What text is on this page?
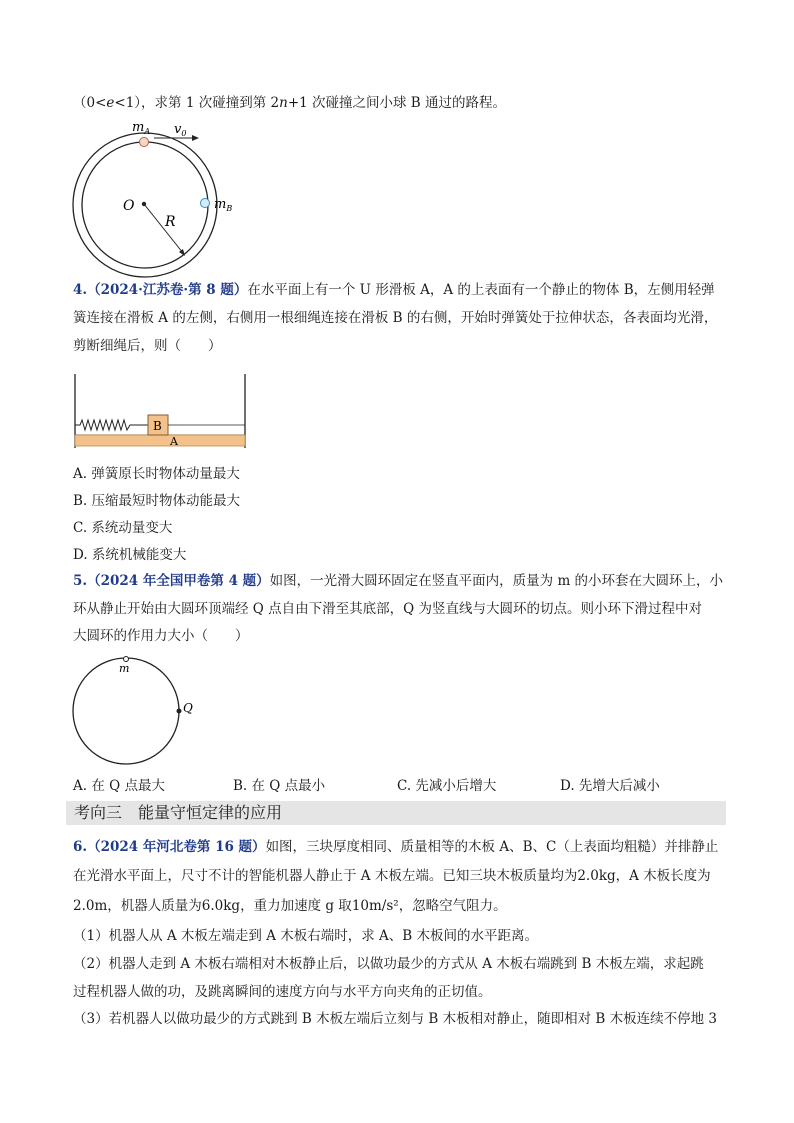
（0<e<1），求第 1 次碰撞到第 2n+1 次碰撞之间小球 B 通过的路程。
$m_A$ $v_0$
O
R
$m_B$
4.（2024·江苏卷·第 8 题）在水平面上有一个 U 形滑板 A，A 的上表面有一个静止的物体 B，左侧用轻弹
簧连接在滑板 A 的左侧，右侧用一根细绳连接在滑板 B 的右侧，开始时弹簧处于拉伸状态，各表面均光滑，
剪断细绳后，则（　　）
B
A
A. 弹簧原长时物体动量最大
B. 压缩最短时物体动能最大
C. 系统动量变大
D. 系统机械能变大
5.（2024 年全国甲卷第 4 题）如图，一光滑大圆环固定在竖直平面内，质量为 m 的小环套在大圆环上，小
环从静止开始由大圆环顶端经 Q 点自由下滑至其底部，Q 为竖直线与大圆环的切点。则小环下滑过程中对
大圆环的作用力大小（　　）
m
Q
A. 在 Q 点最大	B. 在 Q 点最小	C. 先减小后增大	D. 先增大后减小
考向三　能量守恒定律的应用
6.（2024 年河北卷第 16 题）如图，三块厚度相同、质量相等的木板 A、B、C（上表面均粗糙）并排静止
在光滑水平面上，尺寸不计的智能机器人静止于 A 木板左端。已知三块木板质量均为2.0kg，A 木板长度为
2.0m，机器人质量为6.0kg，重力加速度 g 取10m/s²，忽略空气阻力。
（1）机器人从 A 木板左端走到 A 木板右端时，求 A、B 木板间的水平距离。
（2）机器人走到 A 木板右端相对木板静止后，以做功最少的方式从 A 木板右端跳到 B 木板左端，求起跳
过程机器人做的功，及跳离瞬间的速度方向与水平方向夹角的正切值。
（3）若机器人以做功最少的方式跳到 B 木板左端后立刻与 B 木板相对静止，随即相对 B 木板连续不停地 3
